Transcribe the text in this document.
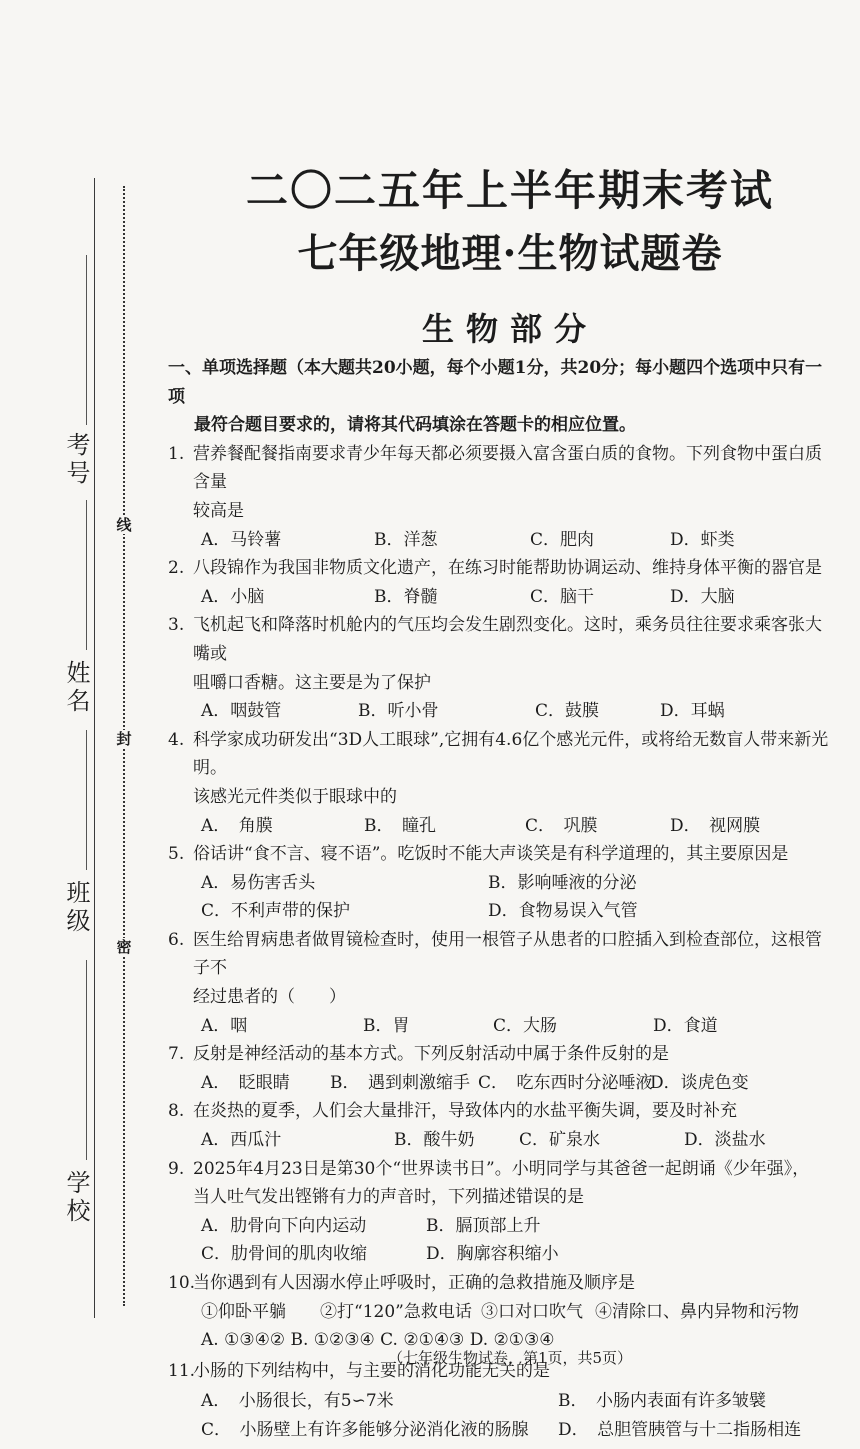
考号
姓名
班级
学校
线
封
密
二〇二五年上半年期末考试
七年级地理·生物试题卷
生物部分
一、单项选择题（本大题共20小题，每个小题1分，共20分；每小题四个选项中只有一项
最符合题目要求的，请将其代码填涂在答题卡的相应位置。
1. 营养餐配餐指南要求青少年每天都必须要摄入富含蛋白质的食物。下列食物中蛋白质含量
较高是
A．马铃薯	B．洋葱	C．肥肉	D．虾类
2. 八段锦作为我国非物质文化遗产，在练习时能帮助协调运动、维持身体平衡的器官是
A．小脑	B．脊髓	C．脑干	D．大脑
3. 飞机起飞和降落时机舱内的气压均会发生剧烈变化。这时，乘务员往往要求乘客张大嘴或
咀嚼口香糖。这主要是为了保护
A．咽鼓管	B．听小骨	C．鼓膜	D．耳蜗
4. 科学家成功研发出“3D人工眼球”,它拥有4.6亿个感光元件，或将给无数盲人带来新光明。
该感光元件类似于眼球中的
A．　角膜	B．　瞳孔	C．　巩膜	D．　视网膜
5. 俗话讲“食不言、寝不语”。吃饭时不能大声谈笑是有科学道理的，其主要原因是
A．易伤害舌头	B．影响唾液的分泌
C．不利声带的保护	D．食物易误入气管
6. 医生给胃病患者做胃镜检查时，使用一根管子从患者的口腔插入到检查部位，这根管子不
经过患者的（　　）
A．咽	B．胃	C．大肠	D．食道
7. 反射是神经活动的基本方式。下列反射活动中属于条件反射的是
A．　眨眼睛 B．　遇到刺激缩手 C．　吃东西时分泌唾液
D．谈虎色变
8. 在炎热的夏季，人们会大量排汗，导致体内的水盐平衡失调，要及时补充
A．西瓜汁	B．酸牛奶	C．矿泉水	D．淡盐水
9. 2025年4月23日是第30个“世界读书日”。小明同学与其爸爸一起朗诵《少年强》，
当人吐气发出铿锵有力的声音时，下列描述错误的是
A．肋骨向下向内运动	B．膈顶部上升
C．肋骨间的肌肉收缩	D．胸廓容积缩小
10.
当你遇到有人因溺水停止呼吸时，正确的急救措施及顺序是
①仰卧平躺 ②打“120”急救电话 ③口对口吹气 ④清除口、鼻内异物和污物
A. ①③④② B. ①②③④ C. ②①④③ D. ②①③④
11.
小肠的下列结构中，与主要的消化功能无关的是
A．　小肠很长，有5∽7米	B．　小肠内表面有许多皱襞
C．　小肠壁上有许多能够分泌消化液的肠腺 D．　总胆管胰管与十二指肠相连
（七年级生物试卷，第1页，共5页）
